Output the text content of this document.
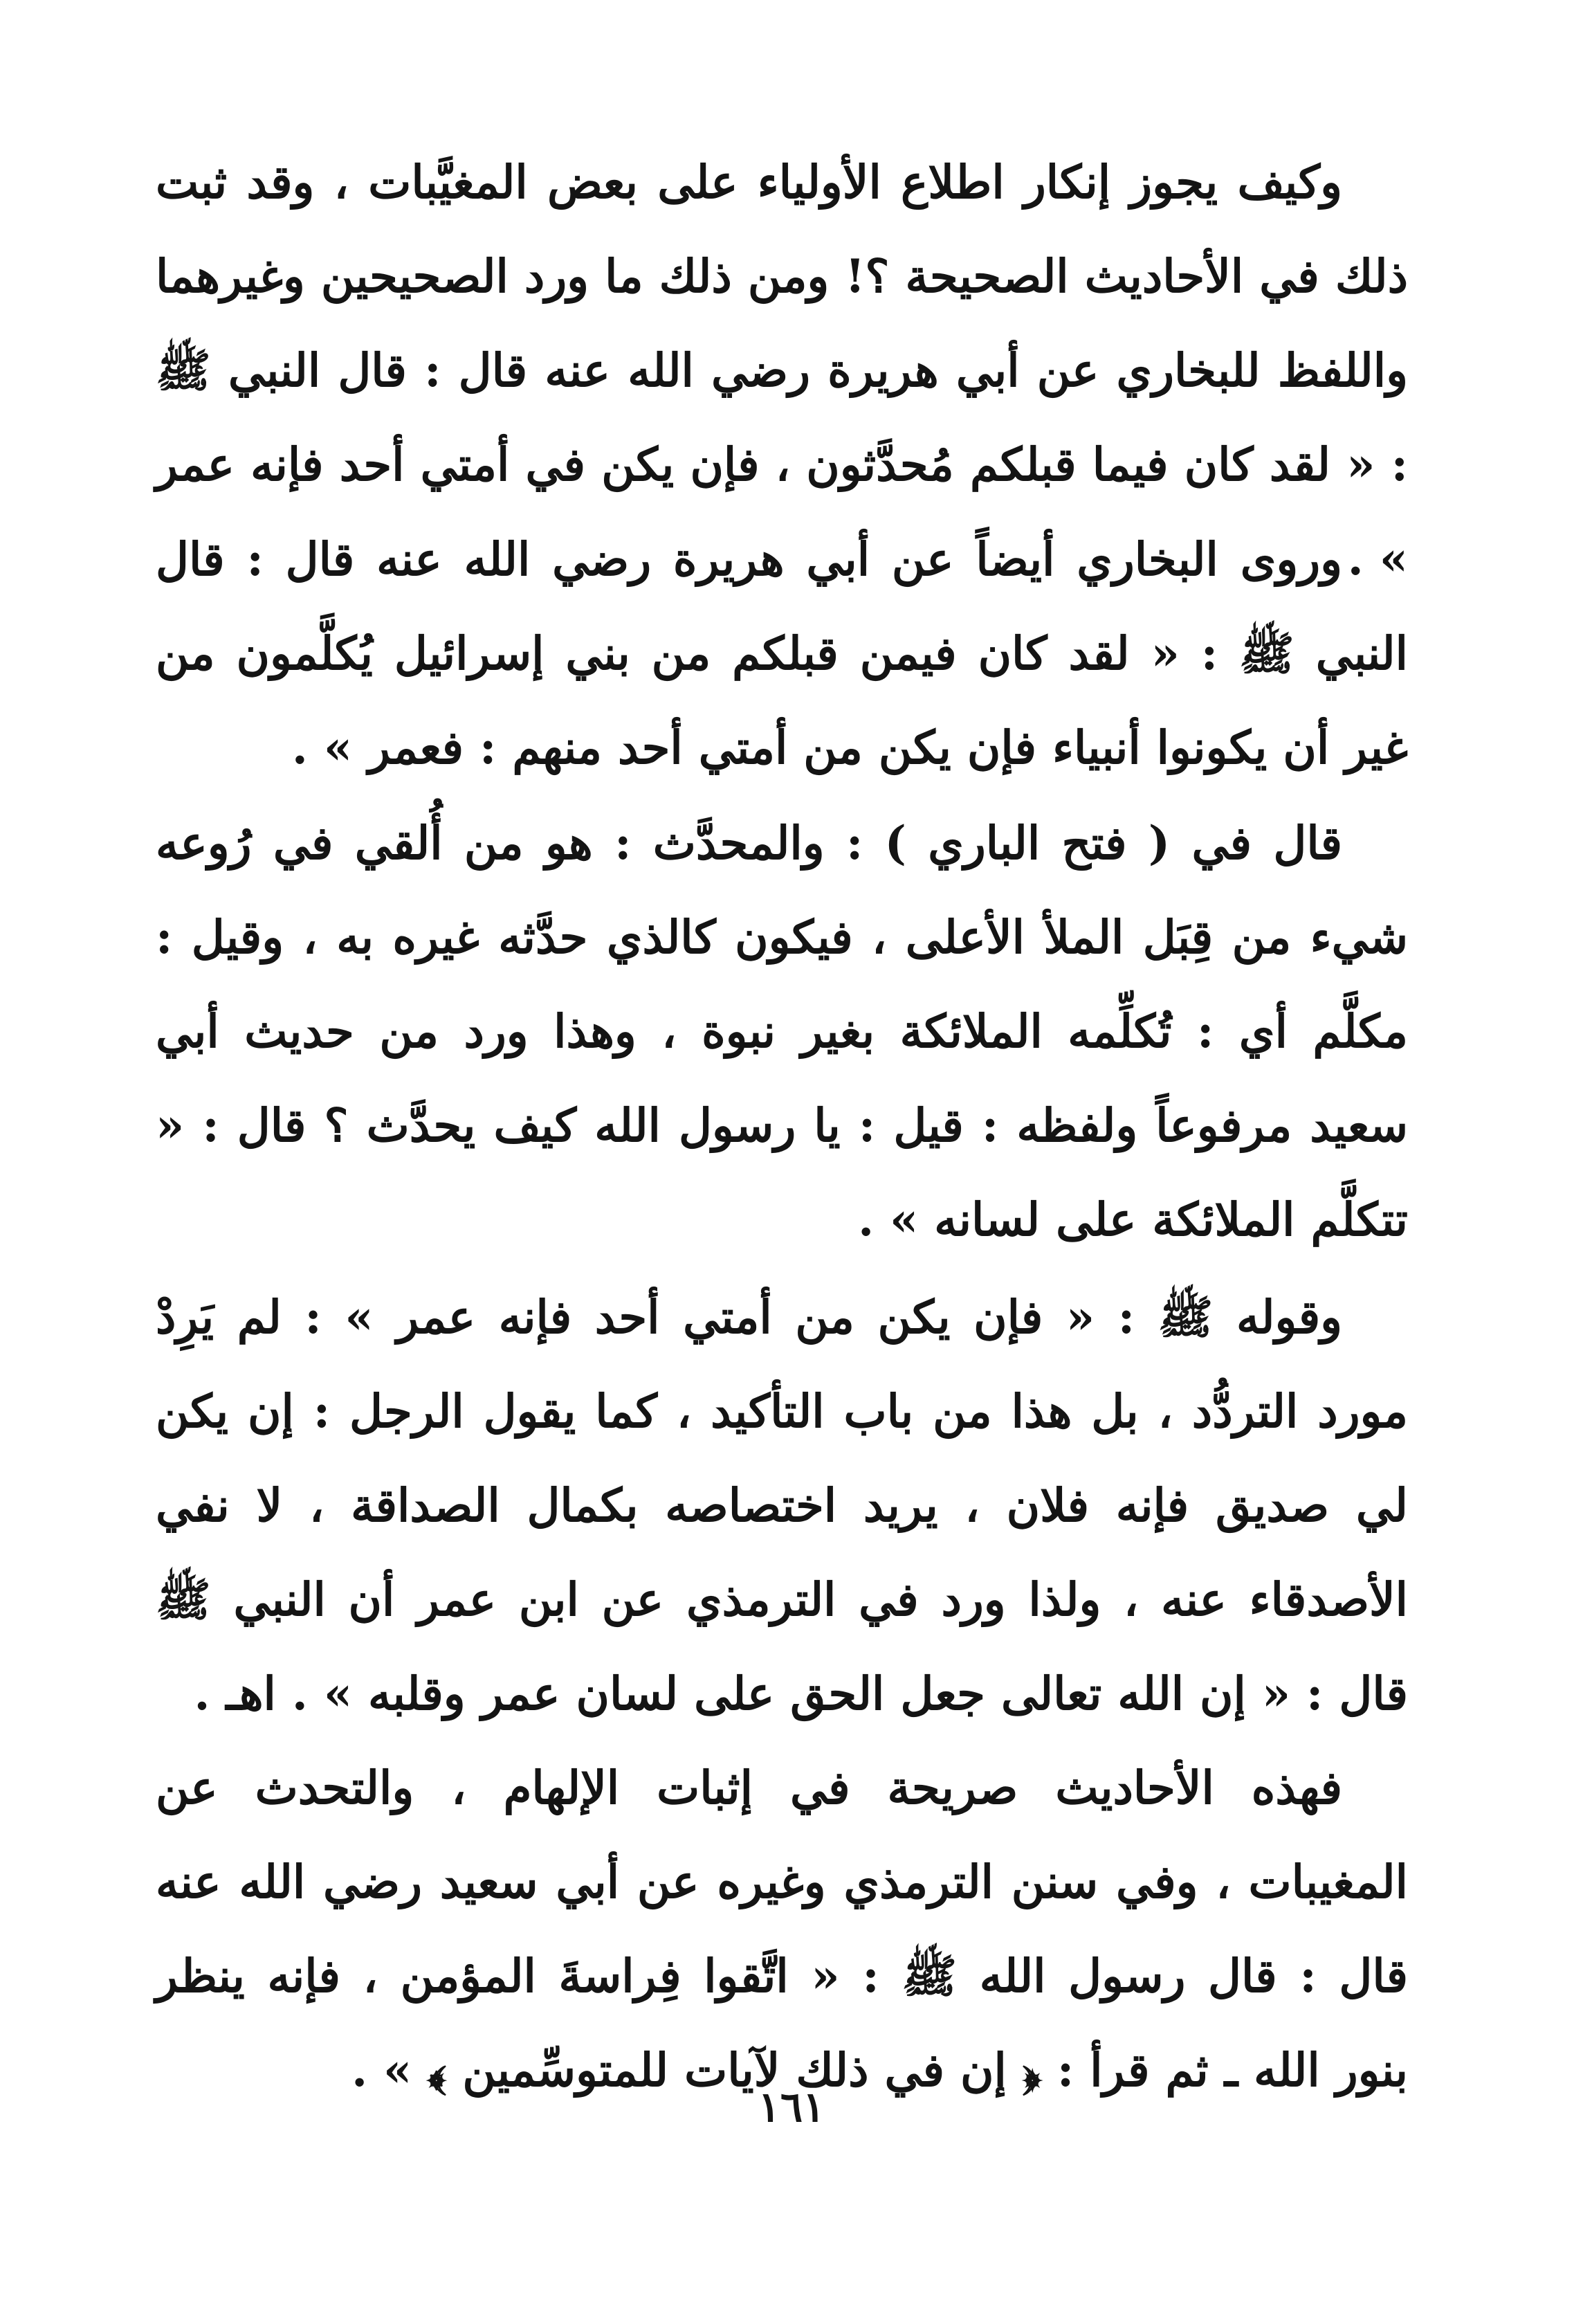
وكيف يجوز إنكار اطلاع الأولياء على بعض المغيَّبات ، وقد ثبت ذلك في الأحاديث الصحيحة ؟! ومن ذلك ما ورد الصحيحين وغيرهما واللفظ للبخاري عن أبي هريرة رضي الله عنه قال : قال النبي ﷺ : « لقد كان فيما قبلكم مُحدَّثون ، فإن يكن في أمتي أحد فإنه عمر » .

وروى البخاري أيضاً عن أبي هريرة رضي الله عنه قال : قال النبي ﷺ : « لقد كان فيمن قبلكم من بني إسرائيل يُكلَّمون من غير أن يكونوا أنبياء فإن يكن من أمتي أحد منهم : فعمر » .

قال في ( فتح الباري ) : والمحدَّث : هو من أُلقي في رُوعه شيء من قِبَل الملأ الأعلى ، فيكون كالذي حدَّثه غيره به ، وقيل : مكلَّم أي : تُكلِّمه الملائكة بغير نبوة ، وهذا ورد من حديث أبي سعيد مرفوعاً ولفظه : قيل : يا رسول الله كيف يحدَّث ؟ قال : « تتكلَّم الملائكة على لسانه » .

وقوله ﷺ : « فإن يكن من أمتي أحد فإنه عمر » : لم يَرِدْ مورد التردُّد ، بل هذا من باب التأكيد ، كما يقول الرجل : إن يكن لي صديق فإنه فلان ، يريد اختصاصه بكمال الصداقة ، لا نفي الأصدقاء عنه ، ولذا ورد في الترمذي عن ابن عمر أن النبي ﷺ قال : « إن الله تعالى جعل الحق على لسان عمر وقلبه » . اهـ .

فهذه الأحاديث صريحة في إثبات الإلهام ، والتحدث عن المغيبات ، وفي سنن الترمذي وغيره عن أبي سعيد رضي الله عنه قال : قال رسول الله ﷺ : « اتَّقوا فِراسةَ المؤمن ، فإنه ينظر بنور الله ـ ثم قرأ : ﴿ إن في ذلك لآيات للمتوسِّمين ﴾ » .

١٦١
